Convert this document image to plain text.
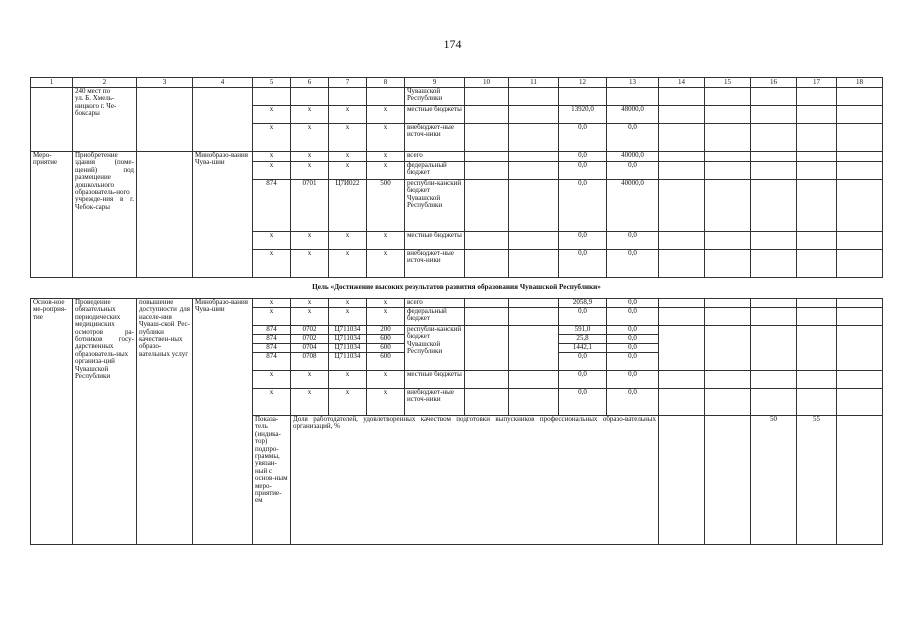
174
1	2	3	4	5	6	7	8	9	10	11	12	13	14	15	16	17	18	

	240 мест по
ул. Б. Хмель-
ницкого г. Че-
боксары							Чувашской Республики										
				x	x	x	x	местные бюджеты			13920,0	48000,0						
				x	x	x	x	внебюджет-ные источ-ники			0,0	0,0						
Меро-приятие	Приобретение здания (поме-щений) под размещение дошкольного образователь-ного учрежде-ния в г. Чебок-сары		Минобразо-вания Чува-шии	x	x	x	x	всего			0,0	40000,0						
				x	x	x	x	федеральный бюджет			0,0	0,0						
				874	0701	Ц7И022	500	республи-канский бюджет Чувашской Республики			0,0	40000,0						
				x	x	x	x	местные бюджеты			0,0	0,0						
				x	x	x	x	внебюджет-ные источ-ники			0,0	0,0						
Цель «Достижение высоких результатов развития образования Чувашской Республики»																		
Основ-ное ме-роприя-тие	Проведение обязательных периодических медицинских осмотров ра-ботников госу-дарственных образователь-ных организа-ций Чувашской Республики	повышение доступности для населе-ния Чуваш-ской Рес-публики качествен-ных образо-вательных услуг	Минобразо-вания Чува-шии	x	x	x	x	всего			2058,9	0,0						
				x	x	x	x	федеральный бюджет			0,0	0,0						
				874	0702	Ц711034	200	республи-канский бюджет Чувашской Республики			591,0	0,0						
				874	0702	Ц711034	600				25,8	0,0						
				874	0704	Ц711034	600				1442,1	0,0						
				874	0708	Ц711034	600				0,0	0,0						
				x	x	x	x	местные бюджеты			0,0	0,0						
				x	x	x	x	внебюджет-ные источ-ники			0,0	0,0						
				Показа-тель (индика-тор) подпро-граммы, увязан-ный с основ-ным меро-приятие-ем	Доля работодателей, удовлетворенных качеством подготовки выпускников профессиональных образо-вательных организаций, %										50	55					
